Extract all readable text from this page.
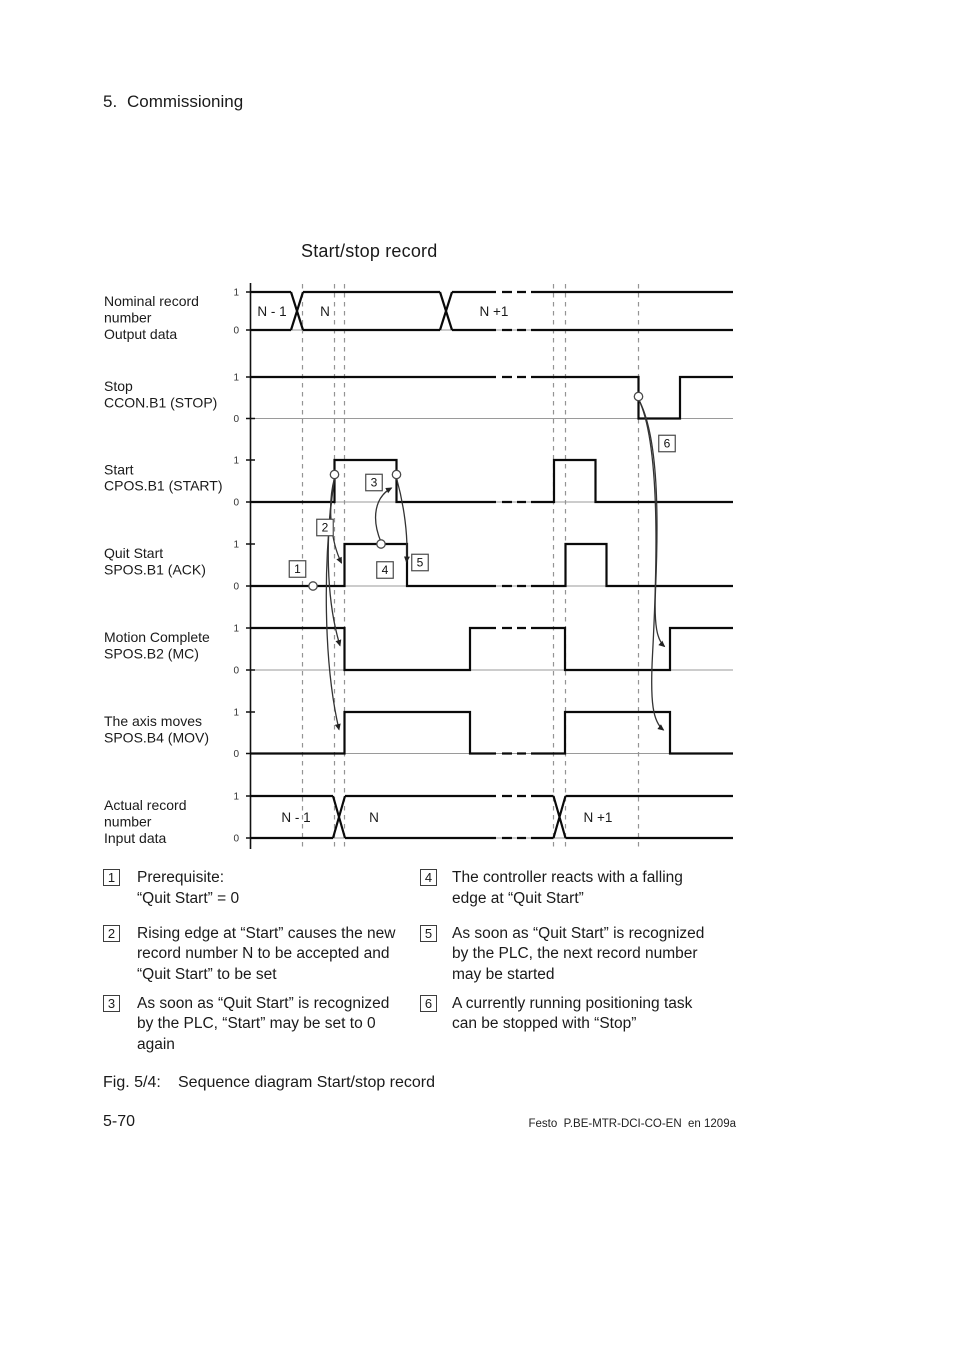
5. Commissioning
Start/stop record
Nominal record
number
Output data
1
0
N - 1 N	N +1
Stop
CCON.B1 (STOP)
1
0
Start
CPOS.B1 (START)
1
0
Quit Start
SPOS.B1 (ACK)
1
0
Motion Complete
SPOS.B2 (MC)
1
0
The axis moves
SPOS.B4 (MOV)
1
0
Actual record
number
Input data
1
0
N - 1	N	N +1
1
2
3
4
5
6
1	Prerequisite:
“Quit Start” = 0
2	Rising edge at “Start” causes the new
record number N to be accepted and
“Quit Start” to be set
3	As soon as “Quit Start” is recognized
by the PLC, “Start” may be set to 0
again
4	The controller reacts with a falling
edge at “Quit Start”
5	As soon as “Quit Start” is recognized
by the PLC, the next record number
may be started
6	A currently running positioning task
can be stopped with “Stop”
Fig. 5/4: Sequence diagram Start/stop record
5-70	Festo  P.BE-MTR-DCI-CO-EN  en 1209a
